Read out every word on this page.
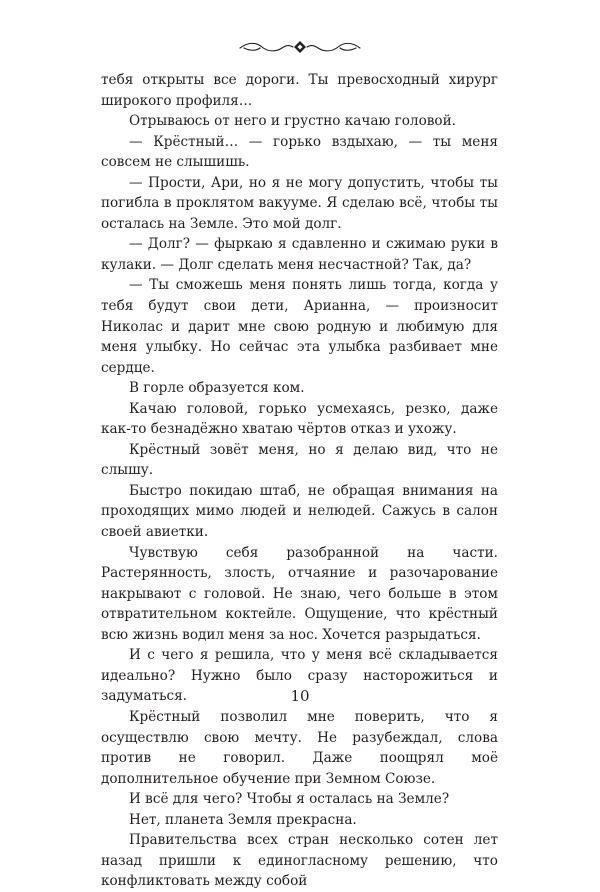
тебя открыты все дороги. Ты превосходный хирург широкого профиля…

Отрываюсь от него и грустно качаю головой.

— Крёстный… — горько вздыхаю, — ты меня совсем не слышишь.

— Прости, Ари, но я не могу допустить, чтобы ты погибла в проклятом вакууме. Я сделаю всё, чтобы ты осталась на Земле. Это мой долг.

— Долг? — фыркаю я сдавленно и сжимаю руки в кулаки. — Долг сделать меня несчастной? Так, да?

— Ты сможешь меня понять лишь тогда, когда у тебя будут свои дети, Арианна, — произносит Николас и дарит мне свою родную и любимую для меня улыбку. Но сейчас эта улыбка разбивает мне сердце.

В горле образуется ком.

Качаю головой, горько усмехаясь, резко, даже как-то безнадёжно хватаю чёртов отказ и ухожу.

Крёстный зовёт меня, но я делаю вид, что не слышу.

Быстро покидаю штаб, не обращая внимания на проходящих мимо людей и нелюдей. Сажусь в салон своей авиетки.

Чувствую себя разобранной на части. Растерянность, злость, отчаяние и разочарование накрывают с головой. Не знаю, чего больше в этом отвратительном коктейле. Ощущение, что крёстный всю жизнь водил меня за нос. Хочется разрыдаться.

И с чего я решила, что у меня всё складывается идеально? Нужно было сразу насторожиться и задуматься.

Крёстный позволил мне поверить, что я осуществлю свою мечту. Не разубеждал, слова против не говорил. Даже поощрял моё дополнительное обучение при Земном Союзе.

И всё для чего? Чтобы я осталась на Земле?

Нет, планета Земля прекрасна.

Правительства всех стран несколько сотен лет назад пришли к единогласному решению, что конфликтовать между собой

10
